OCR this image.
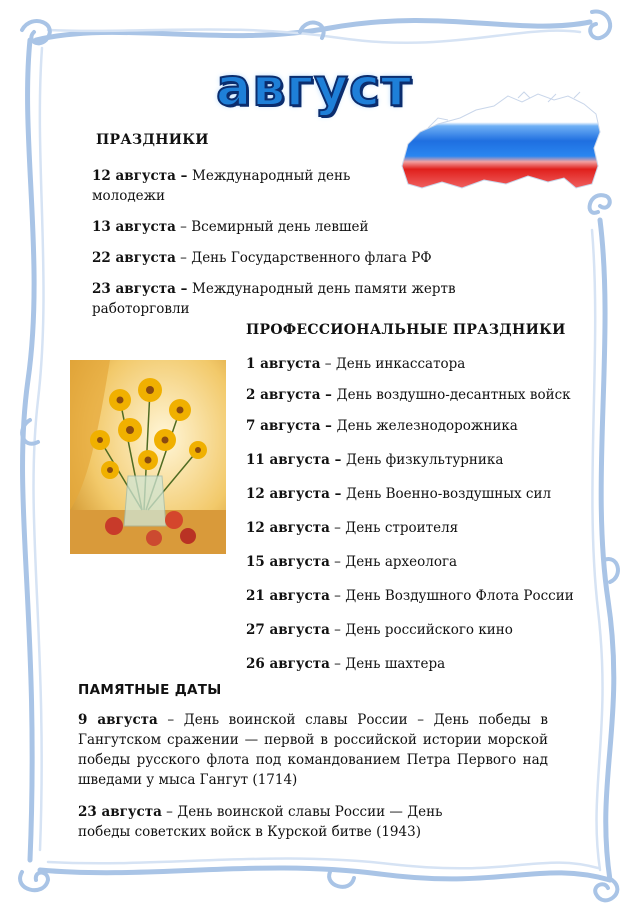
август
ПРАЗДНИКИ
12 августа – Международный день молодежи
13 августа – Всемирный день левшей
22 августа – День Государственного флага РФ
23 августа – Международный день памяти жертв работорговли
ПРОФЕССИОНАЛЬНЫЕ ПРАЗДНИКИ
1 августа – День инкассатора
2 августа – День воздушно-десантных войск
7 августа – День железнодорожника
11 августа – День физкультурника
12 августа – День Военно-воздушных сил
12 августа – День строителя
15 августа – День археолога
21 августа – День Воздушного Флота России
27 августа – День российского кино
26 августа – День шахтера
ПАМЯТНЫЕ ДАТЫ

9 августа – День воинской славы России – День победы в Гангутском сражении — первой в российской истории морской победы русского флота под командованием Петра Первого над шведами у мыса Гангут (1714)

23 августа – День воинской славы России — День победы советских войск в Курской битве (1943)
